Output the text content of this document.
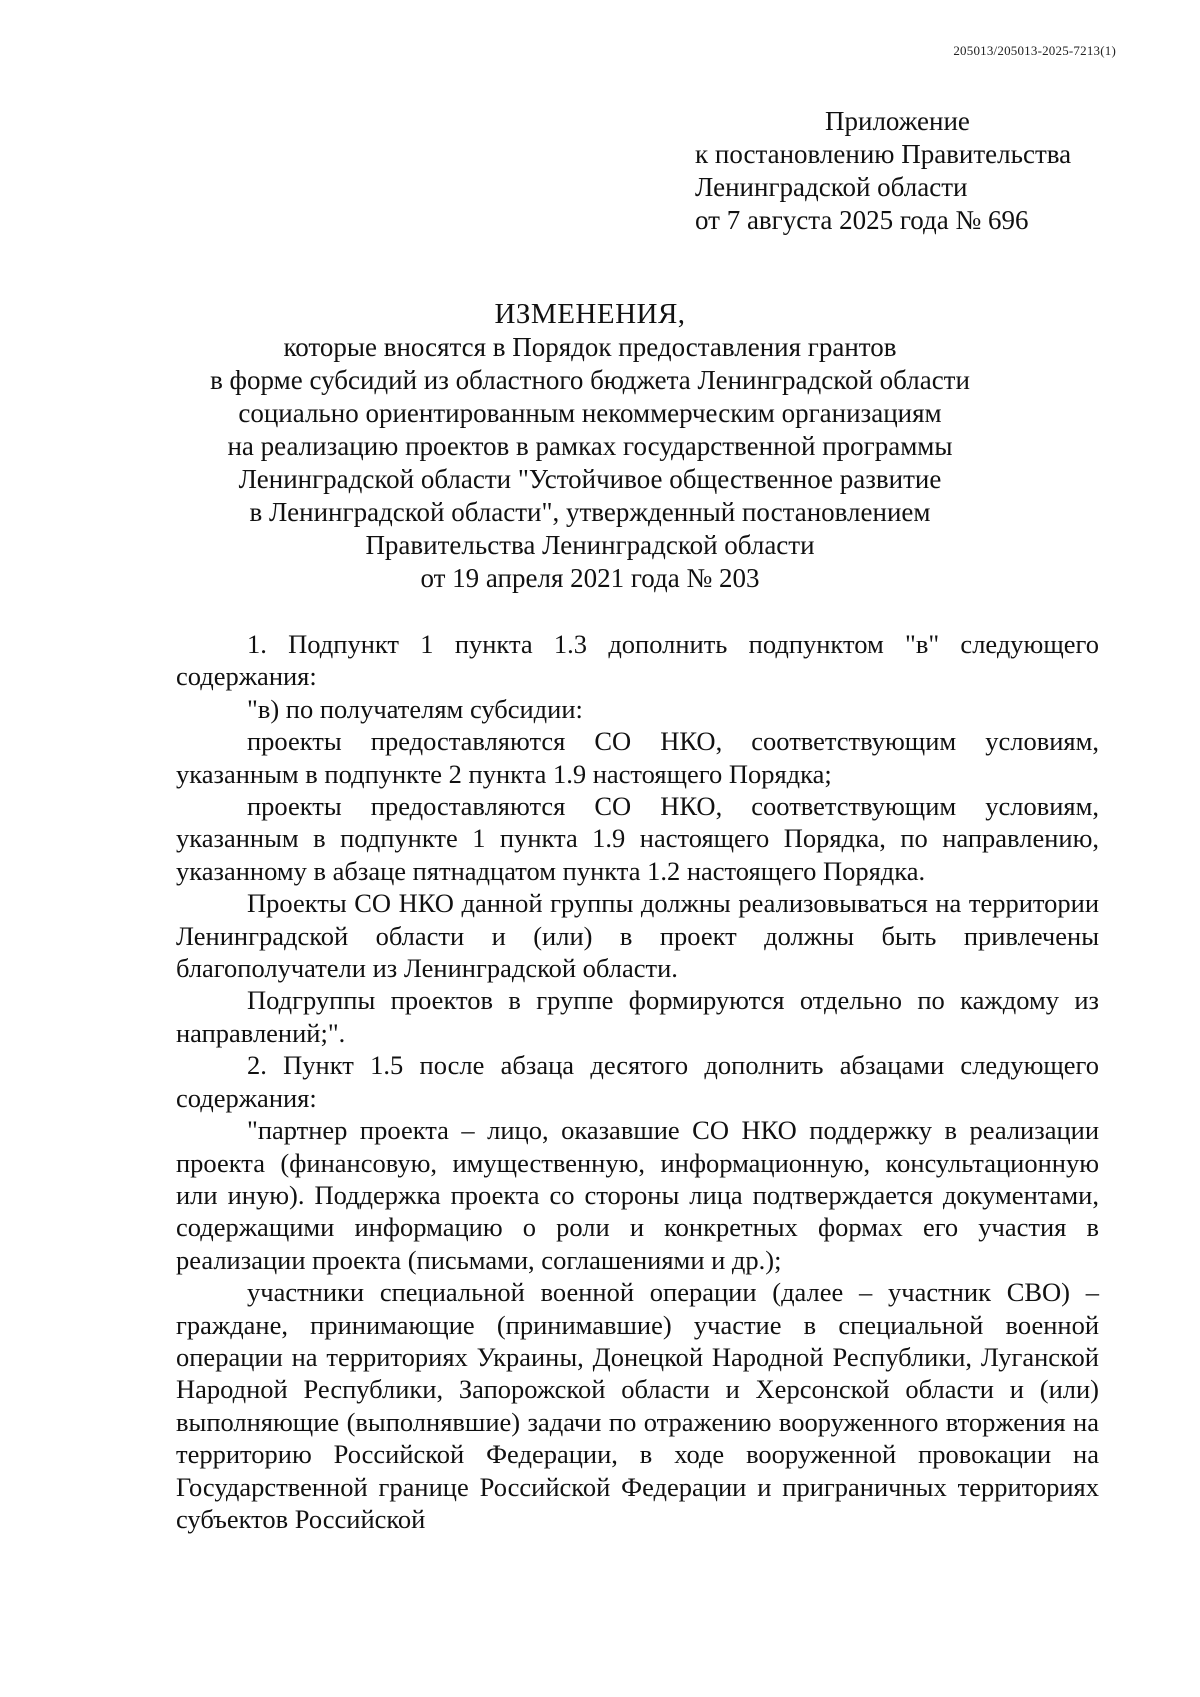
205013/205013-2025-7213(1)
Приложение
к постановлению Правительства
Ленинградской области
от 7 августа 2025 года № 696
ИЗМЕНЕНИЯ,
которые вносятся в Порядок предоставления грантов
в форме субсидий из областного бюджета Ленинградской области
социально ориентированным некоммерческим организациям
на реализацию проектов в рамках государственной программы
Ленинградской области "Устойчивое общественное развитие
в Ленинградской области", утвержденный постановлением
Правительства Ленинградской области
от 19 апреля 2021 года № 203

1. Подпункт 1 пункта 1.3 дополнить подпунктом "в" следующего содержания:

"в) по получателям субсидии:

проекты предоставляются СО НКО, соответствующим условиям, указанным в подпункте 2 пункта 1.9 настоящего Порядка;

проекты предоставляются СО НКО, соответствующим условиям, указанным в подпункте 1 пункта 1.9 настоящего Порядка, по направлению, указанному в абзаце пятнадцатом пункта 1.2 настоящего Порядка.

Проекты СО НКО данной группы должны реализовываться на территории Ленинградской области и (или) в проект должны быть привлечены благополучатели из Ленинградской области.

Подгруппы проектов в группе формируются отдельно по каждому из направлений;".

2. Пункт 1.5 после абзаца десятого дополнить абзацами следующего содержания:

"партнер проекта – лицо, оказавшие СО НКО поддержку в реализации проекта (финансовую, имущественную, информационную, консультационную или иную). Поддержка проекта со стороны лица подтверждается документами, содержащими информацию о роли и конкретных формах его участия в реализации проекта (письмами, соглашениями и др.);

участники специальной военной операции (далее – участник СВО) – граждане, принимающие (принимавшие) участие в специальной военной операции на территориях Украины, Донецкой Народной Республики, Луганской Народной Республики, Запорожской области и Херсонской области и (или) выполняющие (выполнявшие) задачи по отражению вооруженного вторжения на территорию Российской Федерации, в ходе вооруженной провокации на Государственной границе Российской Федерации и приграничных территориях субъектов Российской
